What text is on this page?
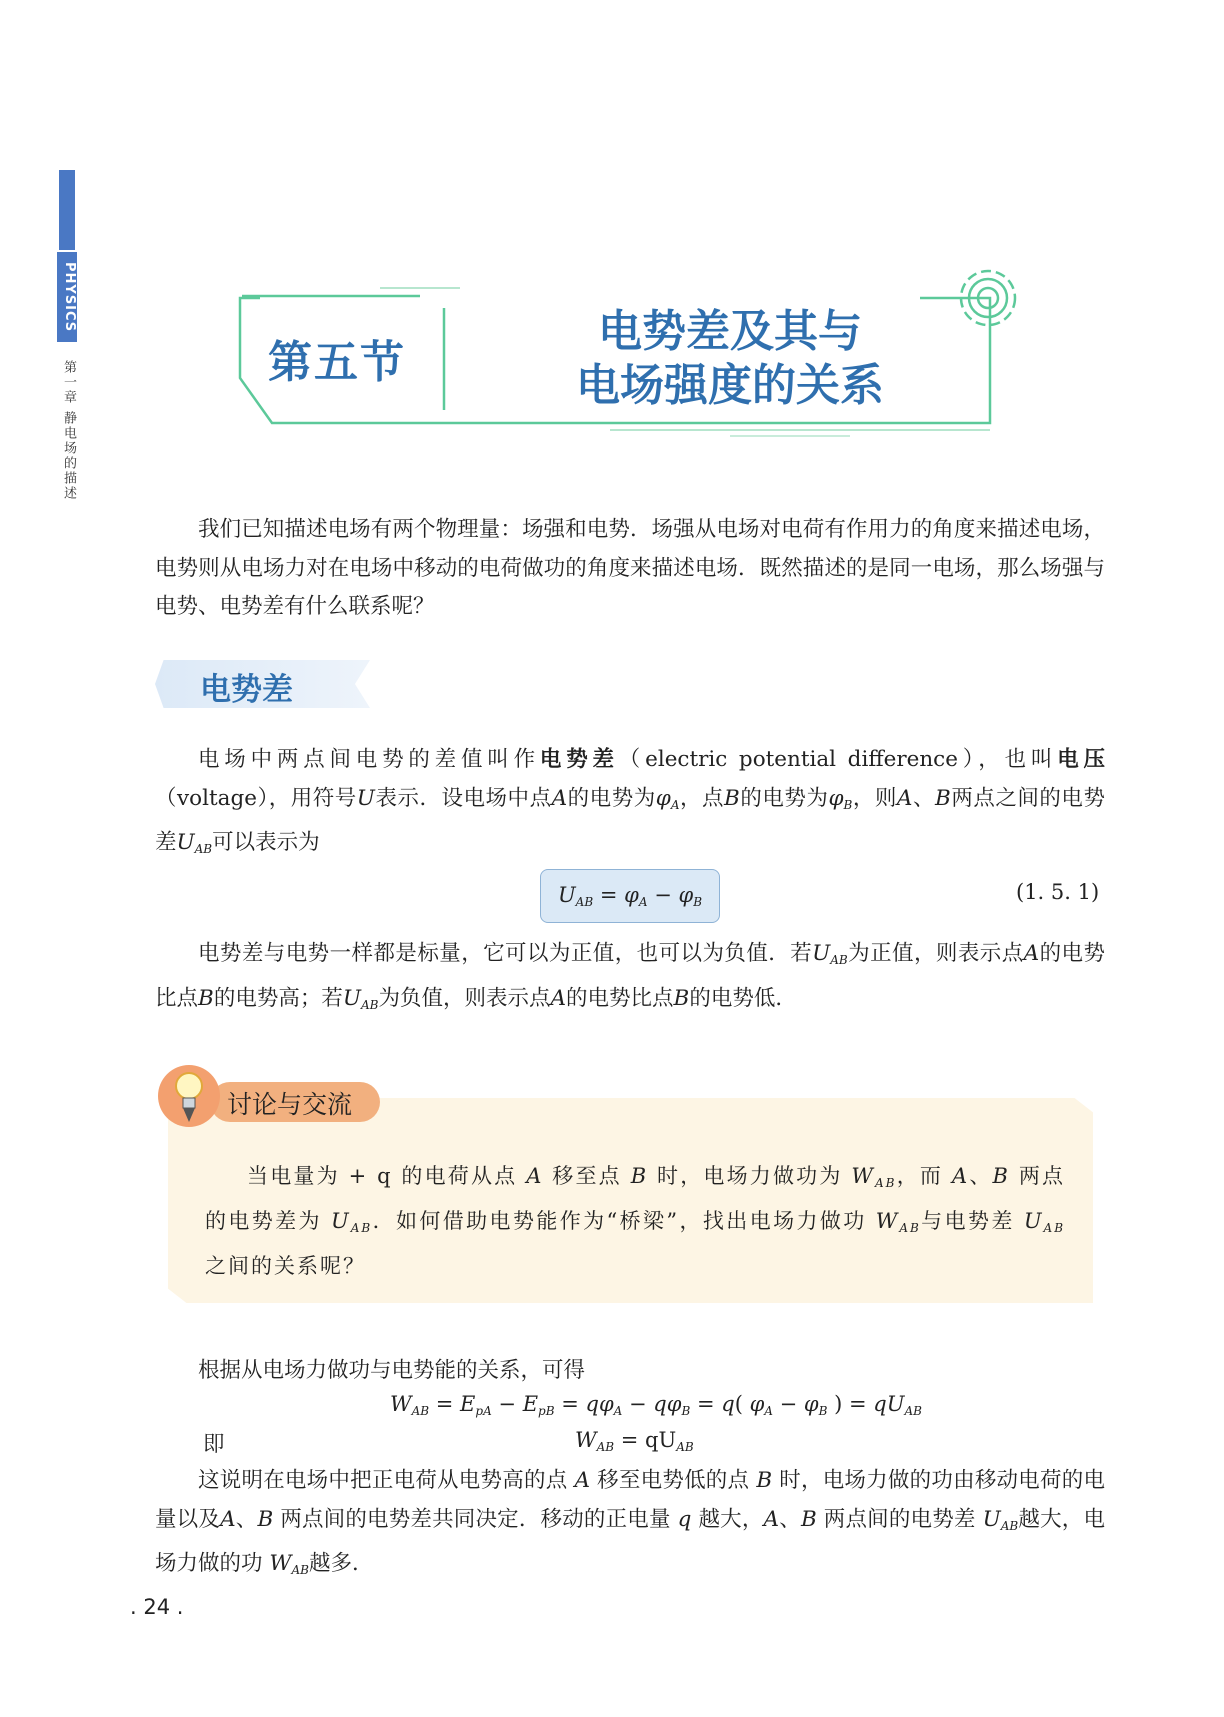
PHYSICS
第一章 静电场的描述	第五节
电势差及其与
电场强度的关系
我们已知描述电场有两个物理量：场强和电势．场强从电场对电荷有作用力的角度来描述电场，电势则从电场力对在电场中移动的电荷做功的角度来描述电场．既然描述的是同一电场，那么场强与电势、电势差有什么联系呢？
电势差
电场中两点间电势的差值叫作电势差（electric potential difference），也叫电压（voltage），用符号U表示．设电场中点A的电势为$\varphi_A$，点B的电势为$\varphi_B$，则A、B两点之间的电势差$U_{AB}$可以表示为
$U_{AB} = \varphi_A - \varphi_B$	(1. 5. 1)
电势差与电势一样都是标量，它可以为正值，也可以为负值．若$U_{AB}$为正值，则表示点A的电势比点B的电势高；若$U_{AB}$为负值，则表示点A的电势比点B的电势低．
讨论与交流
当电量为 + q 的电荷从点 A 移至点 B 时，电场力做功为 $W_{AB}$，而 A、B 两点的电势差为 $U_{AB}$．如何借助电势能作为“桥梁”，找出电场力做功 $W_{AB}$与电势差 $U_{AB}$ 之间的关系呢？
根据从电场力做功与电势能的关系，可得
$W_{AB} = E_{pA} - E_{pB} = q\varphi_A - q\varphi_B = q$( $\varphi_A - \varphi_B$ ) = $qU_{AB}$
即	$W_{AB} = qU_{AB}$
这说明在电场中把正电荷从电势高的点 A 移至电势低的点 B 时，电场力做的功由移动电荷的电量以及A、B 两点间的电势差共同决定．移动的正电量 q 越大，A、B 两点间的电势差 $U_{AB}$越大，电场力做的功 $W_{AB}$越多．
. 24 .
